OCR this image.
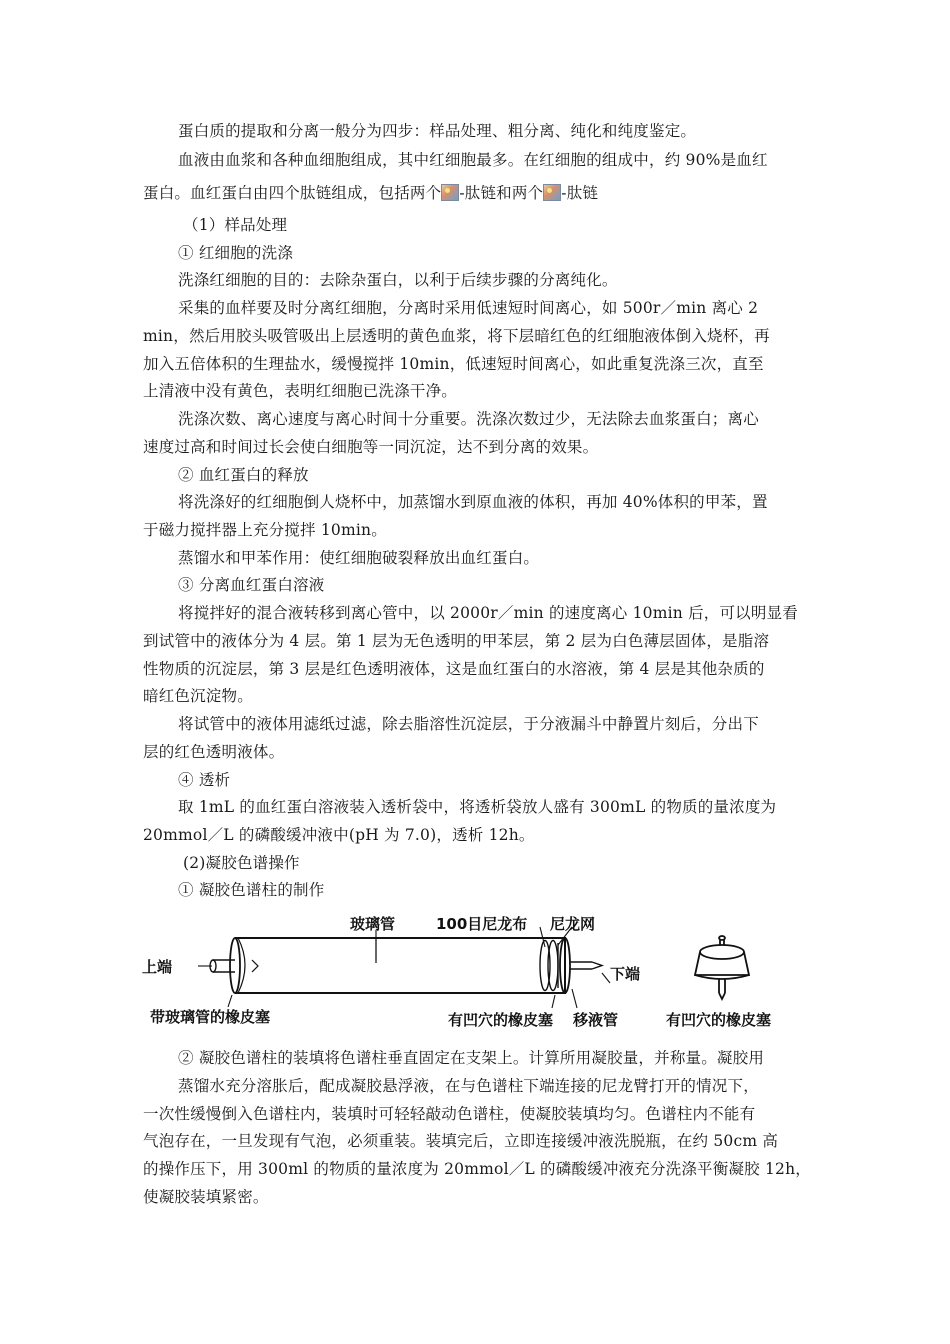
蛋白质的提取和分离一般分为四步：样品处理、粗分离、纯化和纯度鉴定。
血液由血浆和各种血细胞组成，其中红细胞最多。在红细胞的组成中，约 90%是血红
蛋白。血红蛋白由四个肽链组成，包括两个 -肽链和两个 -肽链
（1）样品处理
① 红细胞的洗涤
洗涤红细胞的目的：去除杂蛋白，以利于后续步骤的分离纯化。
采集的血样要及时分离红细胞，分离时采用低速短时间离心，如 500r／min 离心 2
min，然后用胶头吸管吸出上层透明的黄色血浆，将下层暗红色的红细胞液体倒入烧杯，再
加入五倍体积的生理盐水，缓慢搅拌 10min，低速短时间离心，如此重复洗涤三次，直至
上清液中没有黄色，表明红细胞已洗涤干净。
洗涤次数、离心速度与离心时间十分重要。洗涤次数过少，无法除去血浆蛋白；离心
速度过高和时间过长会使白细胞等一同沉淀，达不到分离的效果。
② 血红蛋白的释放
将洗涤好的红细胞倒人烧杯中，加蒸馏水到原血液的体积，再加 40%体积的甲苯，置
于磁力搅拌器上充分搅拌 10min。
蒸馏水和甲苯作用：使红细胞破裂释放出血红蛋白。
③ 分离血红蛋白溶液
将搅拌好的混合液转移到离心管中，以 2000r／min 的速度离心 10min 后，可以明显看
到试管中的液体分为 4 层。第 1 层为无色透明的甲苯层，第 2 层为白色薄层固体，是脂溶
性物质的沉淀层，第 3 层是红色透明液体，这是血红蛋白的水溶液，第 4 层是其他杂质的
暗红色沉淀物。
将试管中的液体用滤纸过滤，除去脂溶性沉淀层，于分液漏斗中静置片刻后，分出下
层的红色透明液体。
④ 透析
取 1mL 的血红蛋白溶液装入透析袋中，将透析袋放人盛有 300mL 的物质的量浓度为
20mmol／L 的磷酸缓冲液中(pH 为 7.0)，透析 12h。
(2)凝胶色谱操作
① 凝胶色谱柱的制作
玻璃管	100目尼龙布 尼龙网
上端	下端
带玻璃管的橡皮塞	有凹穴的橡皮塞 移液管	有凹穴的橡皮塞
② 凝胶色谱柱的装填将色谱柱垂直固定在支架上。计算所用凝胶量，并称量。凝胶用
蒸馏水充分溶胀后，配成凝胶悬浮液，在与色谱柱下端连接的尼龙臂打开的情况下，
一次性缓慢倒入色谱柱内，装填时可轻轻敲动色谱柱，使凝胶装填均匀。色谱柱内不能有
气泡存在，一旦发现有气泡，必须重装。装填完后，立即连接缓冲液洗脱瓶，在约 50cm 高
的操作压下，用 300ml 的物质的量浓度为 20mmol／L 的磷酸缓冲液充分洗涤平衡凝胶 12h，
使凝胶装填紧密。
